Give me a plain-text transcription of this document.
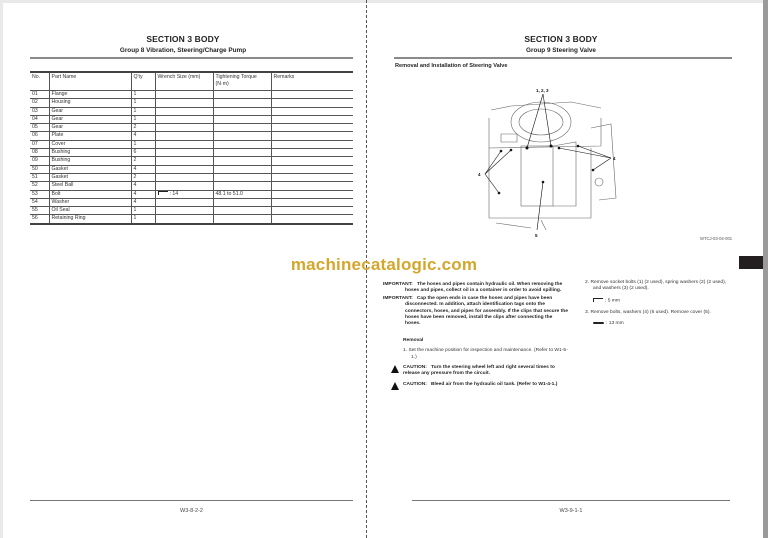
SECTION 3 BODY
Group 8 Vibration, Steering/Charge Pump
No.	Part Name	Q'ty	Wrench Size (mm)	Tightening Torque (N·m)	Remarks
01	Flange	1			
02	Housing	1			
03	Gear	1			
04	Gear	1			
05	Gear	2			
06	Plate	4			
07	Cover	1			
08	Bushing	6			
09	Bushing	2			
50	Gasket	4			
51	Gasket	2			
52	Steel Ball	4			
53	Bolt	4	: 14	48.1 to 51.0	
54	Washer	4			
55	Oil Seal	1			
56	Retaining Ring	1			
W3-8-2-2
SECTION 3 BODY
Group 9 Steering Valve
Removal and Installation of Steering Valve
1, 2, 3
4
4
5
WTCJ-03-04-001

IMPORTANT: The hoses and pipes contain hydraulic oil. When removing the hoses and pipes, collect oil in a container in order to avoid spilling.

IMPORTANT: Cap the open ends in case the hoses and pipes have been disconnected. In addition, attach identification tags onto the connectors, hoses, and pipes for assembly. If the clips that secure the hoses have been removed, install the clips after connecting the hoses.

Removal

1. Set the machine position for inspection and maintenance. (Refer to W1-5-1.)

CAUTION: Turn the steering wheel left and right several times to release any pressure from the circuit.
CAUTION: Bleed air from the hydraulic oil tank. (Refer to W1-4-1.)

2. Remove socket bolts (1) (2 used), spring washers (2) (2 used), and washers (3) (2 used).

: 5 mm

3. Remove bolts, washers (4) (6 used). Remove cover (5).

: 13 mm
W3-9-1-1
machinecatalogic.com
